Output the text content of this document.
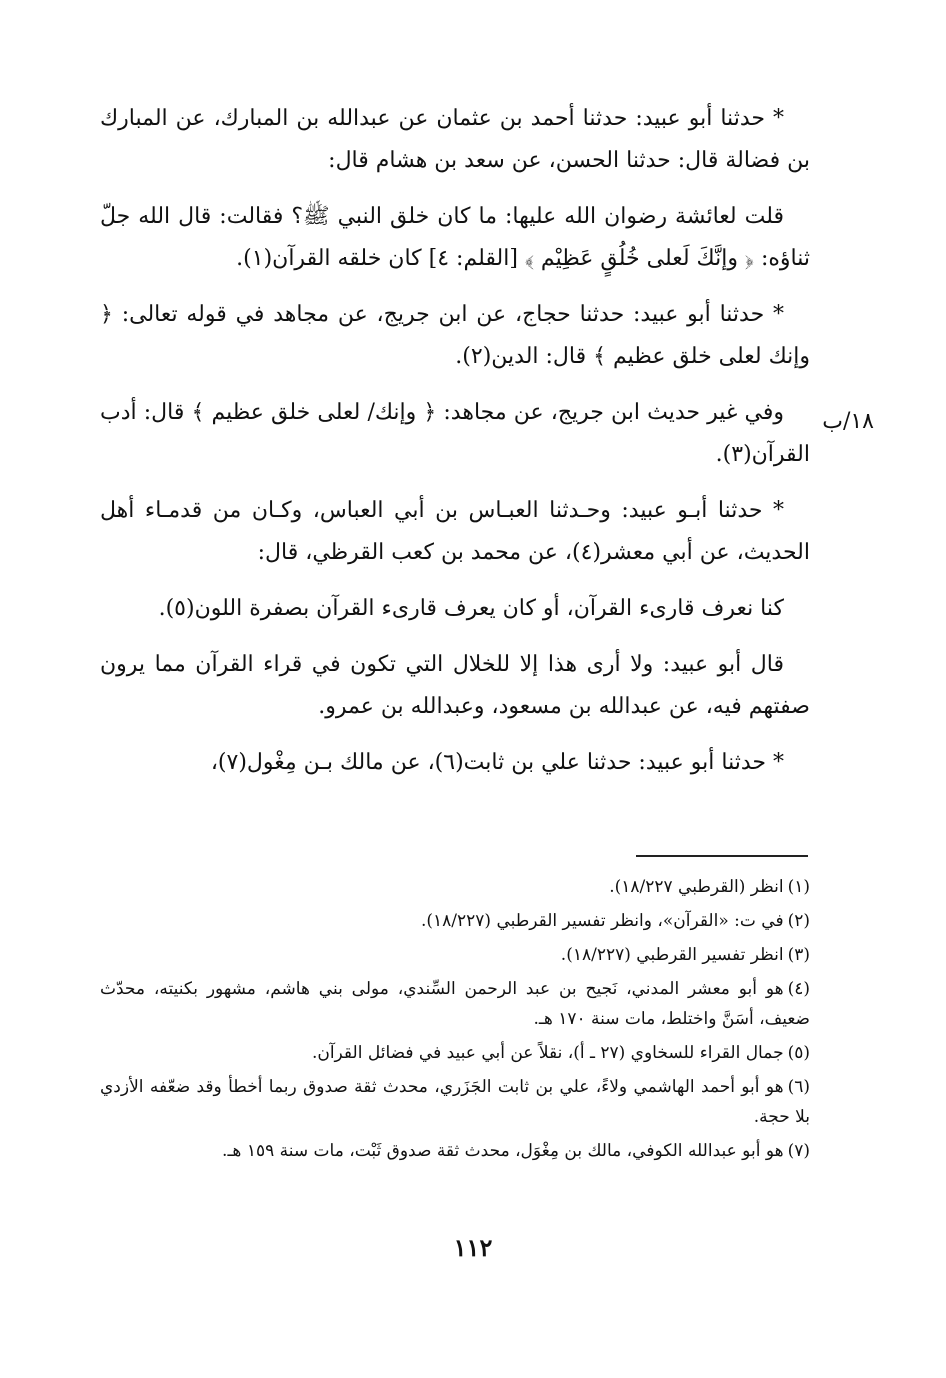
١٨/ب

* حدثنا أبو عبيد: حدثنا أحمد بن عثمان عن عبدالله بن المبارك، عن المبارك بن فضالة قال: حدثنا الحسن، عن سعد بن هشام قال:

قلت لعائشة رضوان الله عليها: ما كان خلق النبي ﷺ؟ فقالت: قال الله جلّ ثناؤه: ﴿ وإنَّكَ لَعلى خُلُقٍ عَظِيْم ﴾ [القلم: ٤] كان خلقه القرآن(١).

* حدثنا أبو عبيد: حدثنا حجاج، عن ابن جريج، عن مجاهد في قوله تعالى: ﴿ وإنك لعلى خلق عظيم ﴾ قال: الدين(٢).

وفي غير حديث ابن جريج، عن مجاهد: ﴿ وإنك/ لعلى خلق عظيم ﴾ قال: أدب القرآن(٣).

* حدثنا أبـو عبيد: وحـدثنا العبـاس بن أبي العباس، وكـان من قدمـاء أهل الحديث، عن أبي معشر(٤)، عن محمد بن كعب القرظي، قال:

كنا نعرف قارىء القرآن، أو كان يعرف قارىء القرآن بصفرة اللون(٥).

قال أبو عبيد: ولا أرى هذا إلا للخلال التي تكون في قراء القرآن مما يرون صفتهم فيه، عن عبدالله بن مسعود، وعبدالله بن عمرو.

* حدثنا أبو عبيد: حدثنا علي بن ثابت(٦)، عن مالك بـن مِغْول(٧)،

(١)انظر (القرطبي ١٨/٢٢٧).

(٢)في ت: «القرآن»، وانظر تفسير القرطبي (١٨/٢٢٧).

(٣)انظر تفسير القرطبي (١٨/٢٢٧).

(٤)هو أبو معشر المدني، نَجيح بن عبد الرحمن السِّندي، مولى بني هاشم، مشهور بكنيته، محدّث ضعيف، أسَنَّ واختلط، مات سنة ١٧٠ هـ.

(٥)جمال القراء للسخاوي (٢٧ ـ أ)، نقلاً عن أبي عبيد في فضائل القرآن.

(٦)هو أبو أحمد الهاشمي ولاءً، علي بن ثابت الجَزَري، محدث ثقة صدوق ربما أخطأ وقد ضعّفه الأزدي بلا حجة.

(٧)هو أبو عبدالله الكوفي، مالك بن مِغْوَل، محدث ثقة صدوق ثَبْت، مات سنة ١٥٩ هـ.

١١٢
